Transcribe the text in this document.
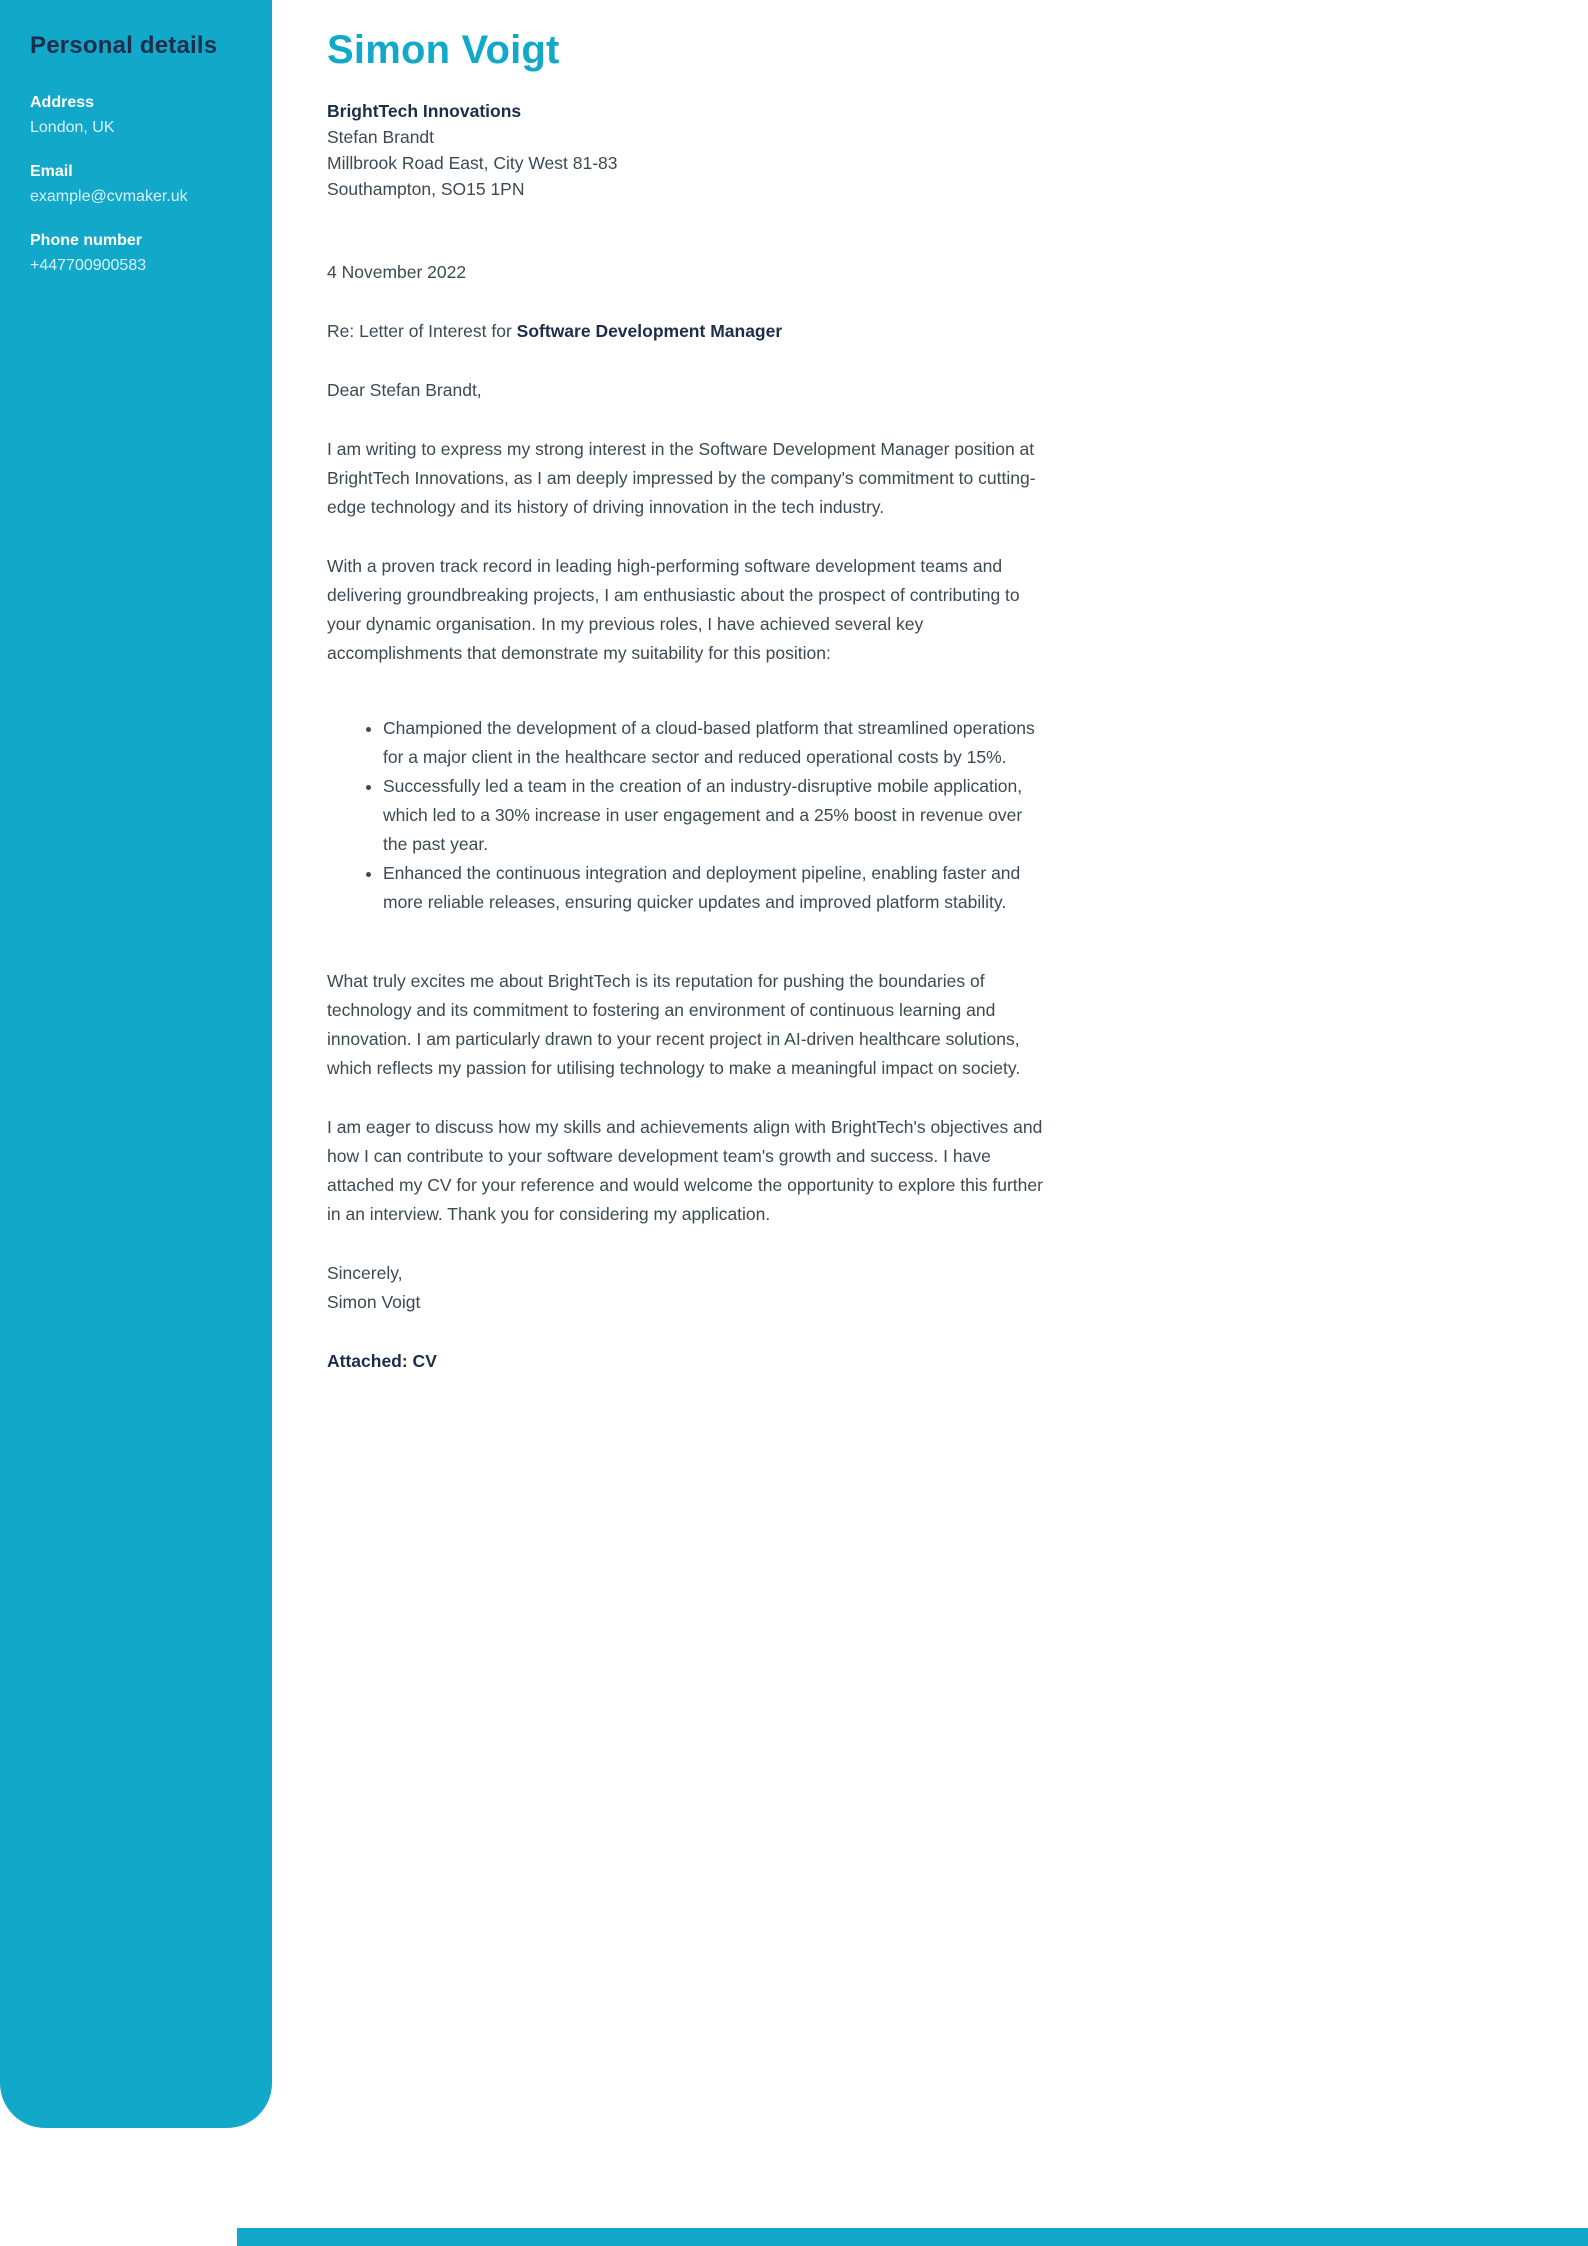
Personal details
Address
London, UK
Email
example@cvmaker.uk
Phone number
+447700900583
Simon Voigt

BrightTech Innovations

Stefan Brandt

Millbrook Road East, City West 81-83

Southampton, SO15 1PN

4 November 2022

Re: Letter of Interest for Software Development Manager

Dear Stefan Brandt,

I am writing to express my strong interest in the Software Development Manager position at BrightTech Innovations, as I am deeply impressed by the company's commitment to cutting-edge technology and its history of driving innovation in the tech industry.

With a proven track record in leading high-performing software development teams and delivering groundbreaking projects, I am enthusiastic about the prospect of contributing to your dynamic organisation. In my previous roles, I have achieved several key accomplishments that demonstrate my suitability for this position:

• Championed the development of a cloud-based platform that streamlined operations for a major client in the healthcare sector and reduced operational costs by 15%.
• Successfully led a team in the creation of an industry-disruptive mobile application, which led to a 30% increase in user engagement and a 25% boost in revenue over the past year.
• Enhanced the continuous integration and deployment pipeline, enabling faster and more reliable releases, ensuring quicker updates and improved platform stability.

What truly excites me about BrightTech is its reputation for pushing the boundaries of technology and its commitment to fostering an environment of continuous learning and innovation. I am particularly drawn to your recent project in AI-driven healthcare solutions, which reflects my passion for utilising technology to make a meaningful impact on society.

I am eager to discuss how my skills and achievements align with BrightTech's objectives and how I can contribute to your software development team's growth and success. I have attached my CV for your reference and would welcome the opportunity to explore this further in an interview. Thank you for considering my application.

Sincerely,

Simon Voigt

Attached: CV
